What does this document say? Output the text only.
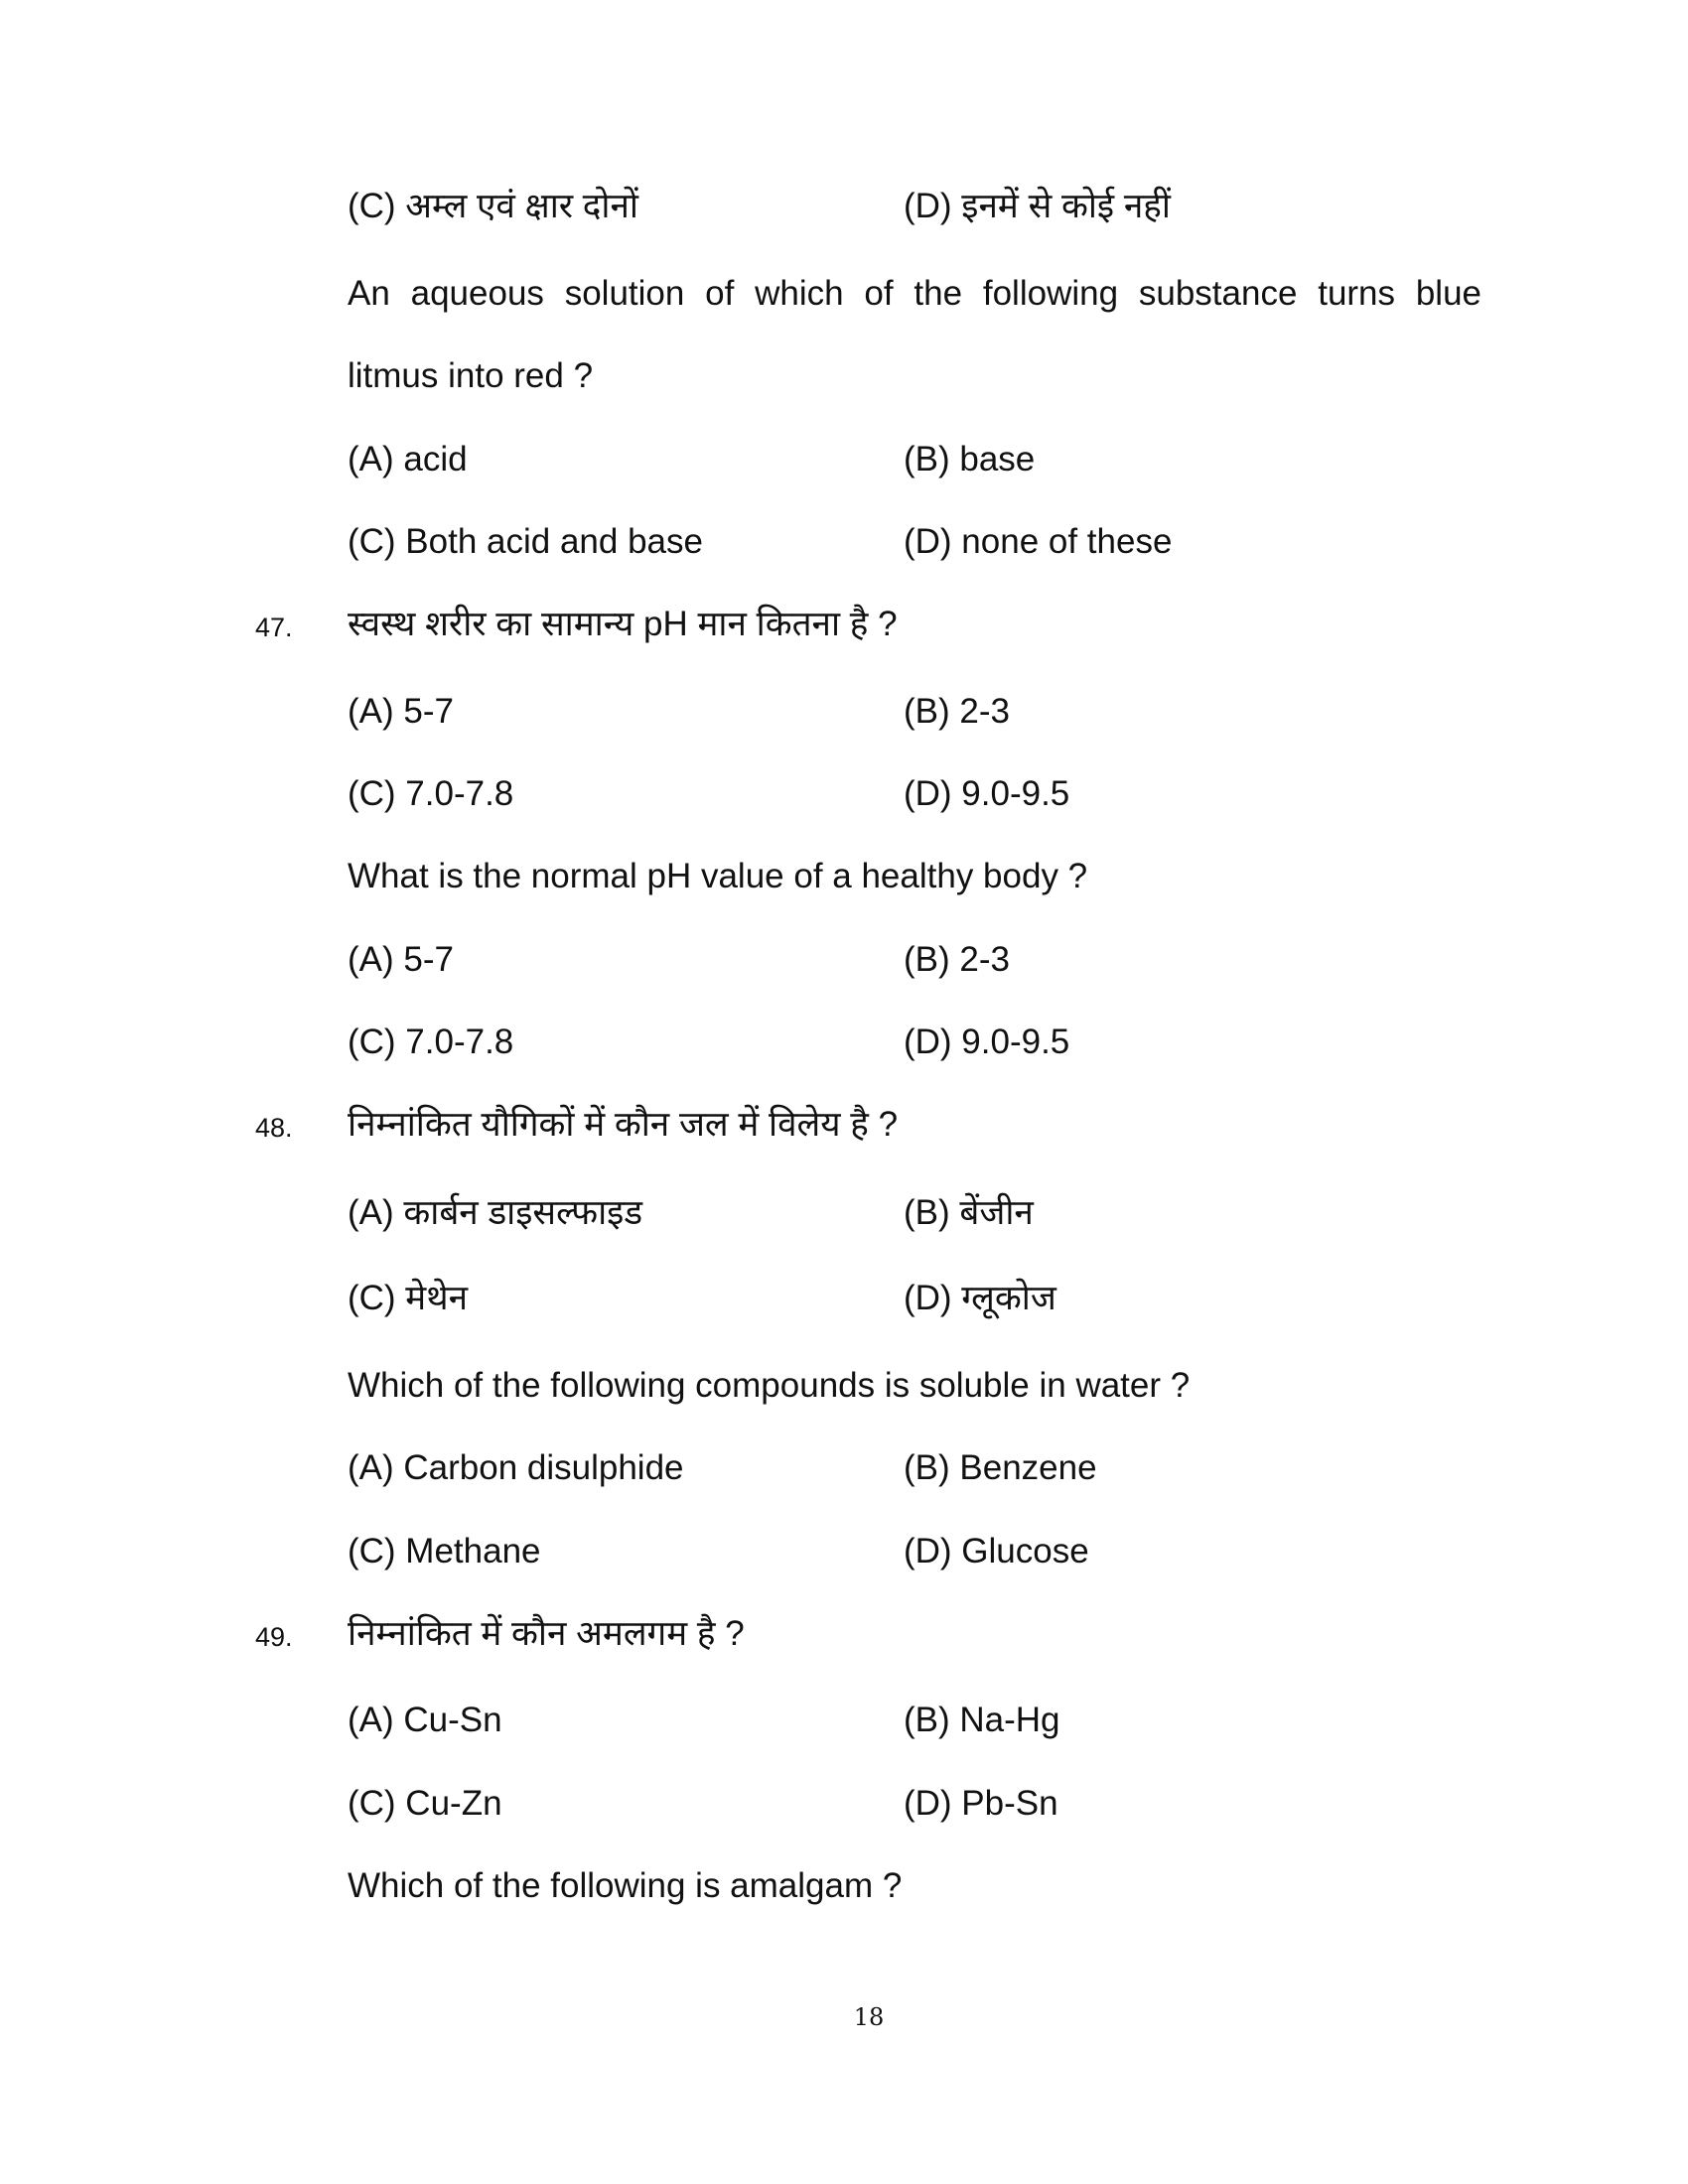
(C) अम्ल एवं क्षार दोनों	(D) इनमें से कोई नहीं
An aqueous solution of which of the following substance turns blue
litmus into red ?
(A) acid	(B) base
(C) Both acid and base	(D) none of these
47. स्वस्थ शरीर का सामान्य pH मान कितना है ?
(A) 5-7	(B) 2-3
(C) 7.0-7.8	(D) 9.0-9.5
What is the normal pH value of a healthy body ?
(A) 5-7	(B) 2-3
(C) 7.0-7.8	(D) 9.0-9.5
48. निम्नांकित यौगिकों में कौन जल में विलेय है ?
(A) कार्बन डाइसल्फाइड	(B) बेंजीन
(C) मेथेन	(D) ग्लूकोज
Which of the following compounds is soluble in water ?
(A) Carbon disulphide	(B) Benzene
(C) Methane	(D) Glucose
49. निम्नांकित में कौन अमलगम है ?
(A) Cu-Sn	(B) Na-Hg
(C) Cu-Zn	(D) Pb-Sn
Which of the following is amalgam ?
18
